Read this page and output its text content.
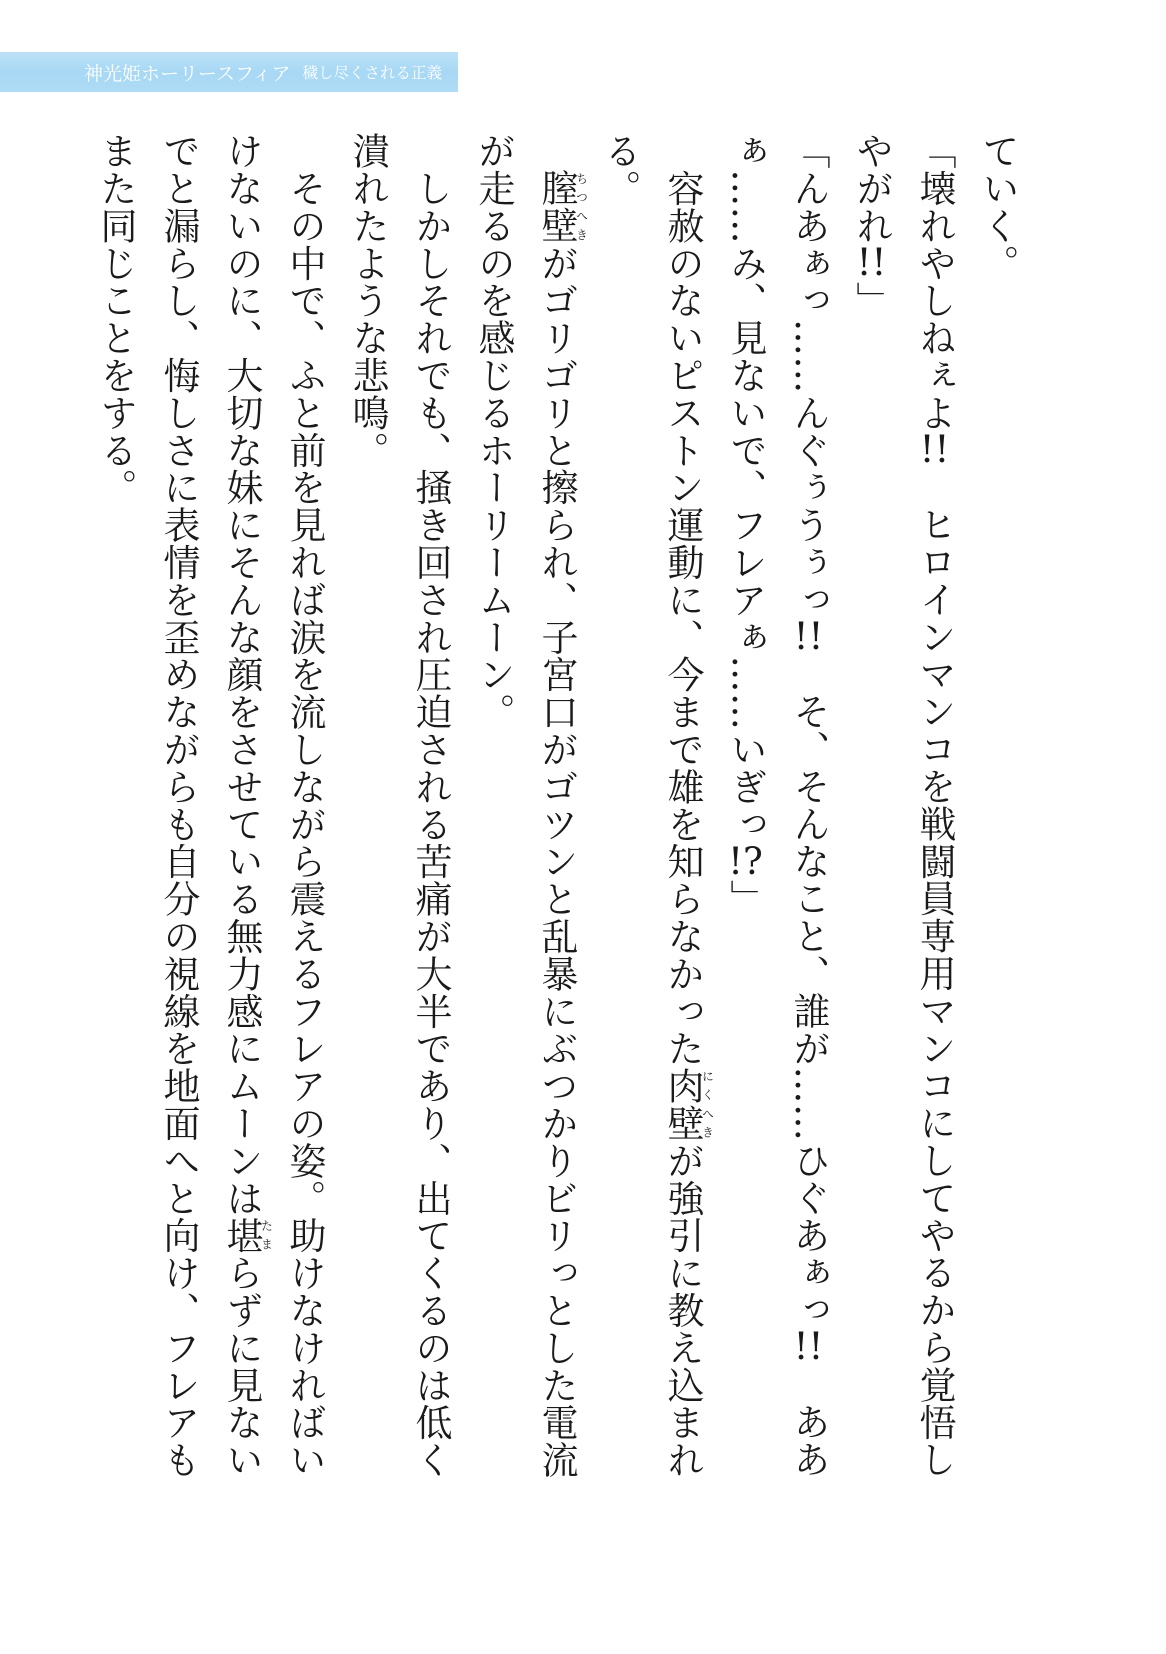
神光姫ホーリースフィア 穢し尽くされる正義
ていく。
「壊れやしねぇよ!!　ヒロインマンコを戦闘員専用マンコにしてやるから覚悟し
やがれ!!」
「んあぁっ……んぐぅうぅっ!!　そ、そんなこと、誰が……ひぐあぁっ!!　ああ
ぁ……み、見ないで、フレアぁ……いぎっ!?」
　容赦のないピストン運動に、今まで雄を知らなかった肉壁にくへきが強引に教え込まれ
る。
　膣壁ちつへきがゴリゴリと擦られ、子宮口がゴツンと乱暴にぶつかりビリっとした電流
が走るのを感じるホーリームーン。
　しかしそれでも、掻き回され圧迫される苦痛が大半であり、出てくるのは低く
潰れたような悲鳴。
　その中で、ふと前を見れば涙を流しながら震えるフレアの姿。助けなければい
けないのに、大切な妹にそんな顔をさせている無力感にムーンは堪たまらずに見ない
でと漏らし、悔しさに表情を歪めながらも自分の視線を地面へと向け、フレアも
また同じことをする。
